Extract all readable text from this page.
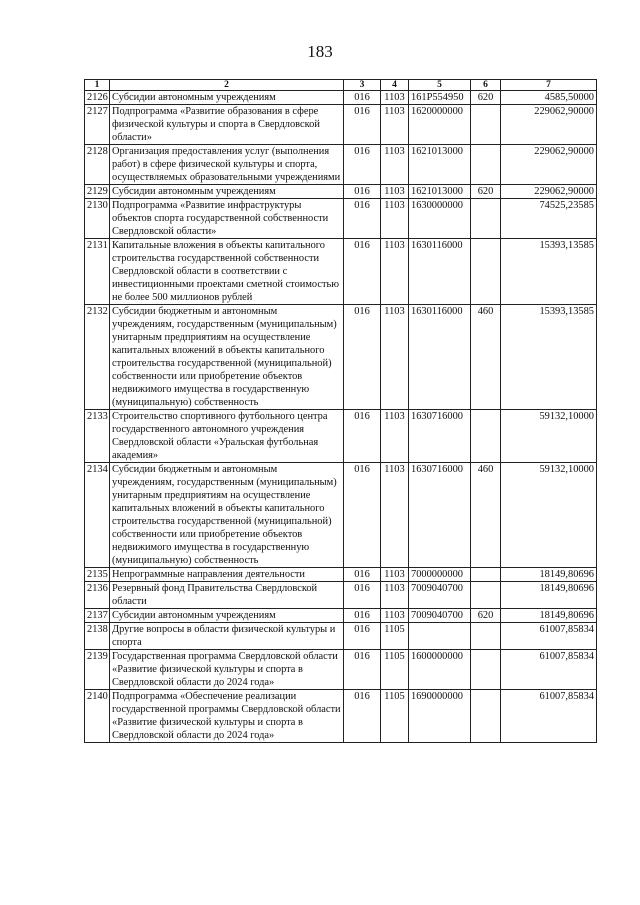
183
1	2	3	4	5	6	7
2126	Субсидии автономным учреждениям	016	1103	161P554950	620	4585,50000
2127	Подпрограмма «Развитие образования в сфере физической культуры и спорта в Свердловской области»	016	1103	1620000000		229062,90000
2128	Организация предоставления услуг (выполнения работ) в сфере физической культуры и спорта, осуществляемых образовательными учреждениями	016	1103	1621013000		229062,90000
2129	Субсидии автономным учреждениям	016	1103	1621013000	620	229062,90000
2130	Подпрограмма «Развитие инфраструктуры объектов спорта государственной собственности Свердловской области»	016	1103	1630000000		74525,23585
2131	Капитальные вложения в объекты капитального строительства государственной собственности Свердловской области в соответствии с инвестиционными проектами сметной стоимостью не более 500 миллионов рублей	016	1103	1630116000		15393,13585
2132	Субсидии бюджетным и автономным учреждениям, государственным (муниципальным) унитарным предприятиям на осуществление капитальных вложений в объекты капитального строительства государственной (муниципальной) собственности или приобретение объектов недвижимого имущества в государственную (муниципальную) собственность	016	1103	1630116000	460	15393,13585
2133	Строительство спортивного футбольного центра государственного автономного учреждения Свердловской области «Уральская футбольная академия»	016	1103	1630716000		59132,10000
2134	Субсидии бюджетным и автономным учреждениям, государственным (муниципальным) унитарным предприятиям на осуществление капитальных вложений в объекты капитального строительства государственной (муниципальной) собственности или приобретение объектов недвижимого имущества в государственную (муниципальную) собственность	016	1103	1630716000	460	59132,10000
2135	Непрограммные направления деятельности	016	1103	7000000000		18149,80696
2136	Резервный фонд Правительства Свердловской области	016	1103	7009040700		18149,80696
2137	Субсидии автономным учреждениям	016	1103	7009040700	620	18149,80696
2138	Другие вопросы в области физической культуры и спорта	016	1105			61007,85834
2139	Государственная программа Свердловской области «Развитие физической культуры и спорта в Свердловской области до 2024 года»	016	1105	1600000000		61007,85834
2140	Подпрограмма «Обеспечение реализации государственной программы Свердловской области «Развитие физической культуры и спорта в Свердловской области до 2024 года»	016	1105	1690000000		61007,85834
